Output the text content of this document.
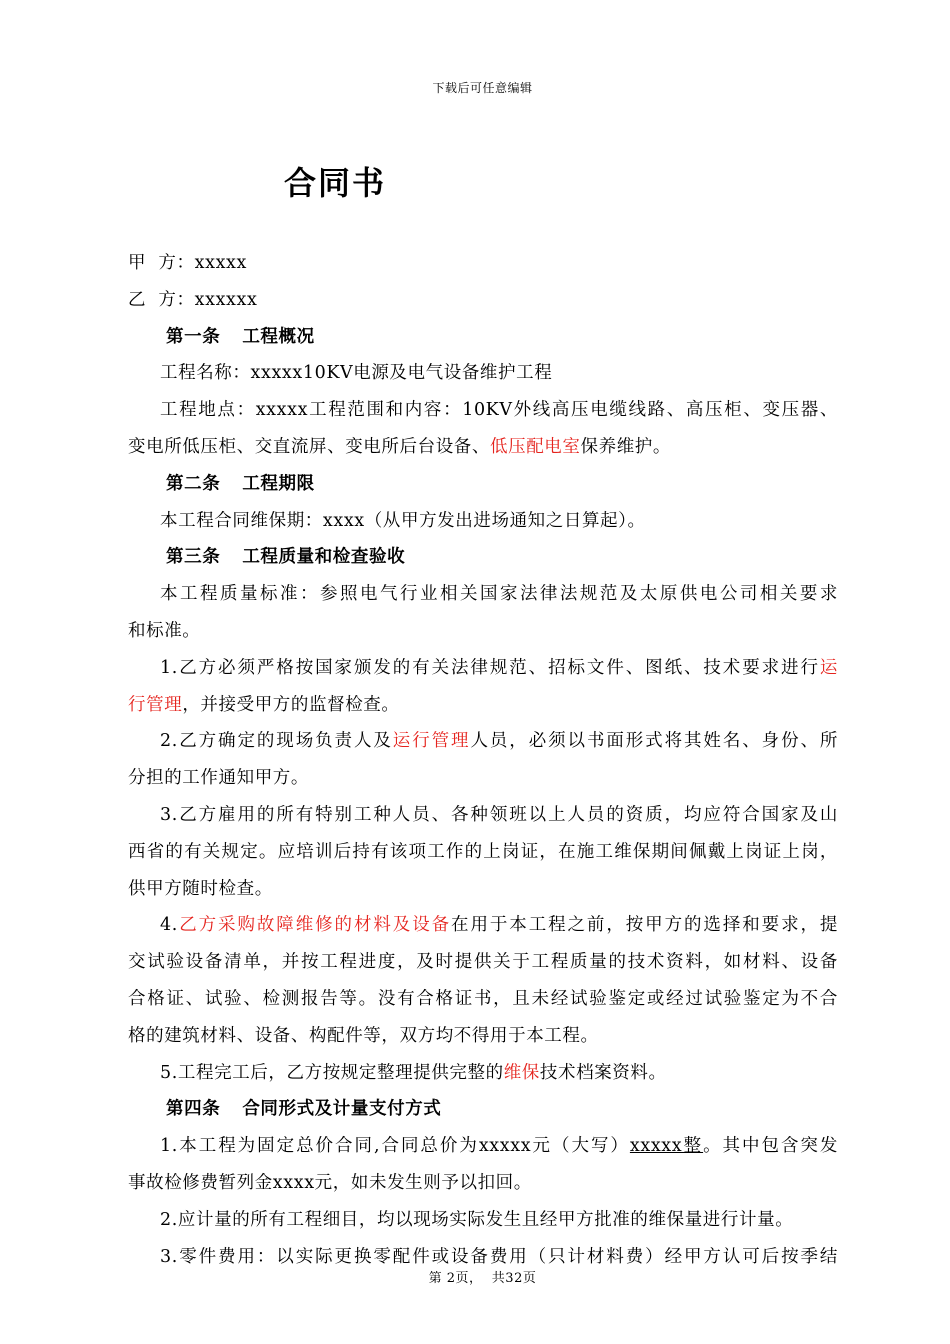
下载后可任意编辑
合同书
甲  方：xxxxx
乙  方：xxxxxx
第一条 工程概况
工程名称：xxxxx10KV电源及电气设备维护工程
工程地点：xxxxx工程范围和内容：10KV外线高压电缆线路、高压柜、变压器、
变电所低压柜、交直流屏、变电所后台设备、低压配电室保养维护。
第二条 工程期限
本工程合同维保期：xxxx（从甲方发出进场通知之日算起）。
第三条 工程质量和检查验收
本工程质量标准：参照电气行业相关国家法律法规范及太原供电公司相关要求
和标准。
1.乙方必须严格按国家颁发的有关法律规范、招标文件、图纸、技术要求进行运
行管理，并接受甲方的监督检查。
2.乙方确定的现场负责人及运行管理人员，必须以书面形式将其姓名、身份、所
分担的工作通知甲方。
3.乙方雇用的所有特别工种人员、各种领班以上人员的资质，均应符合国家及山
西省的有关规定。应培训后持有该项工作的上岗证，在施工维保期间佩戴上岗证上岗，
供甲方随时检查。
4.乙方采购故障维修的材料及设备在用于本工程之前，按甲方的选择和要求，提
交试验设备清单，并按工程进度，及时提供关于工程质量的技术资料，如材料、设备
合格证、试验、检测报告等。没有合格证书，且未经试验鉴定或经过试验鉴定为不合
格的建筑材料、设备、构配件等，双方均不得用于本工程。
5.工程完工后，乙方按规定整理提供完整的维保技术档案资料。
第四条 合同形式及计量支付方式
1.本工程为固定总价合同,合同总价为xxxxx元（大写）xxxxx整。其中包含突发
事故检修费暂列金xxxx元，如未发生则予以扣回。
2.应计量的所有工程细目，均以现场实际发生且经甲方批准的维保量进行计量。
3.零件费用：以实际更换零配件或设备费用（只计材料费）经甲方认可后按季结
第 2页，  共32页
